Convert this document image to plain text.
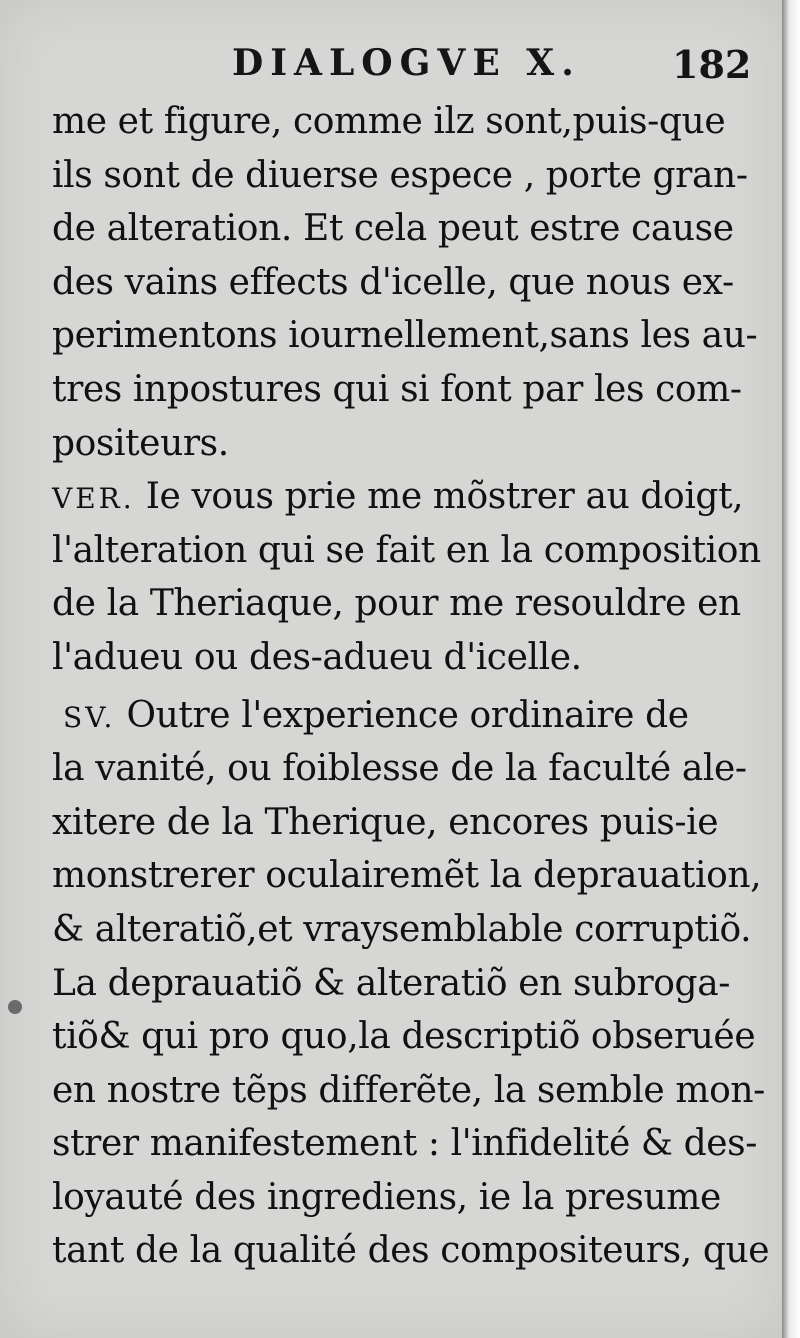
DIALOGVE X. 182
me et figure, comme ilz sont,puis-que
ils sont de diuerse espece , porte gran-
de alteration. Et cela peut estre cause
des vains effects d'icelle, que nous ex-
perimentons iournellement,sans les au-
tres inpostures qui si font par les com-
positeurs.
VER. Ie vous prie me mõstrer au doigt,
l'alteration qui se fait en la composition
de la Theriaque, pour me resouldre en
l'adueu ou des-adueu d'icelle.
SV. Outre l'experience ordinaire de
la vanité, ou foiblesse de la faculté ale-
xitere de la Therique, encores puis-ie
monstrerer oculairemẽt la deprauation,
& alteratiõ,et vraysemblable corruptiõ.
La deprauatiõ & alteratiõ en subroga-
tiõ& qui pro quo,la descriptiõ obseruée
en nostre tẽps differẽte, la semble mon-
strer manifestement : l'infidelité & des-
loyauté des ingrediens, ie la presume
tant de la qualité des compositeurs, que
